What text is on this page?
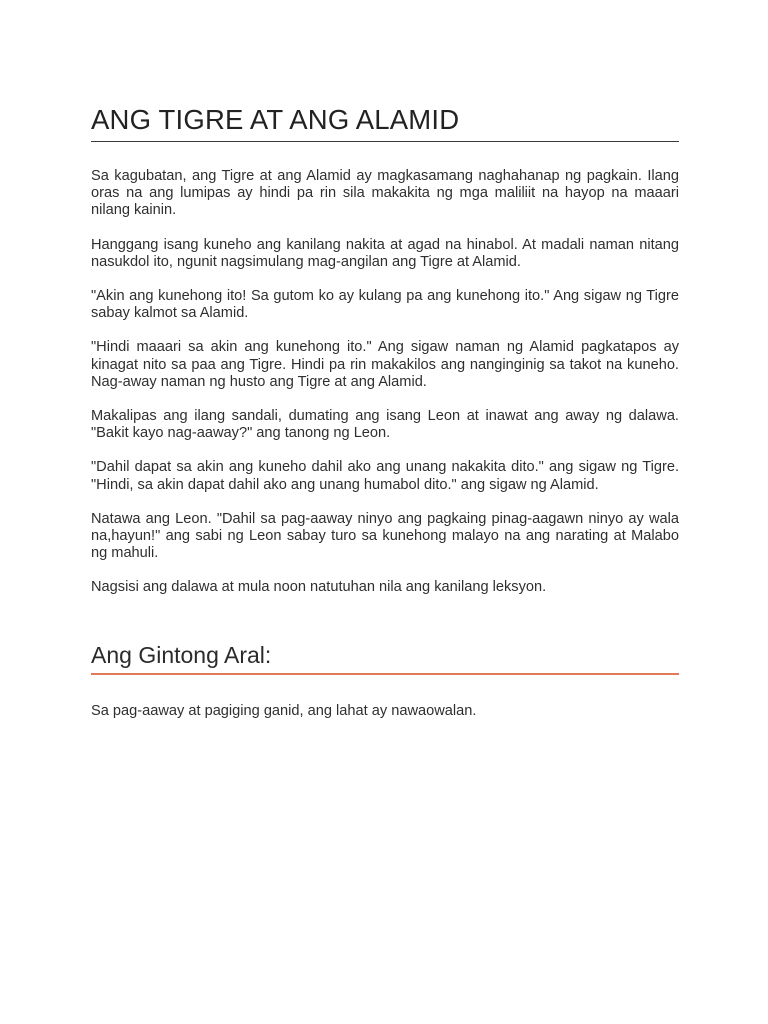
ANG TIGRE AT ANG ALAMID

Sa kagubatan, ang Tigre at ang Alamid ay magkasamang naghahanap ng pagkain. Ilang oras na ang lumipas ay hindi pa rin sila makakita ng mga maliliit na hayop na maaari nilang kainin.

Hanggang isang kuneho ang kanilang nakita at agad na hinabol. At madali naman nitang nasukdol ito, ngunit nagsimulang mag-angilan ang Tigre at Alamid.

"Akin ang kunehong ito! Sa gutom ko ay kulang pa ang kunehong ito." Ang sigaw ng Tigre sabay kalmot sa Alamid.

"Hindi maaari sa akin ang kunehong ito." Ang sigaw naman ng Alamid pagkatapos ay kinagat nito sa paa ang Tigre. Hindi pa rin makakilos ang nanginginig sa takot na kuneho. Nag-away naman ng husto ang Tigre at ang Alamid.

Makalipas ang ilang sandali, dumating ang isang Leon at inawat ang away ng dalawa. "Bakit kayo nag-aaway?" ang tanong ng Leon.

"Dahil dapat sa akin ang kuneho dahil ako ang unang nakakita dito." ang sigaw ng Tigre. "Hindi, sa akin dapat dahil ako ang unang humabol dito." ang sigaw ng Alamid.

Natawa ang Leon. "Dahil sa pag-aaway ninyo ang pagkaing pinag-aagawn ninyo ay wala na,hayun!" ang sabi ng Leon sabay turo sa kunehong malayo na ang narating at Malabo ng mahuli.

Nagsisi ang dalawa at mula noon natutuhan nila ang kanilang leksyon.

Ang Gintong Aral:

Sa pag-aaway at pagiging ganid, ang lahat ay nawaowalan.
